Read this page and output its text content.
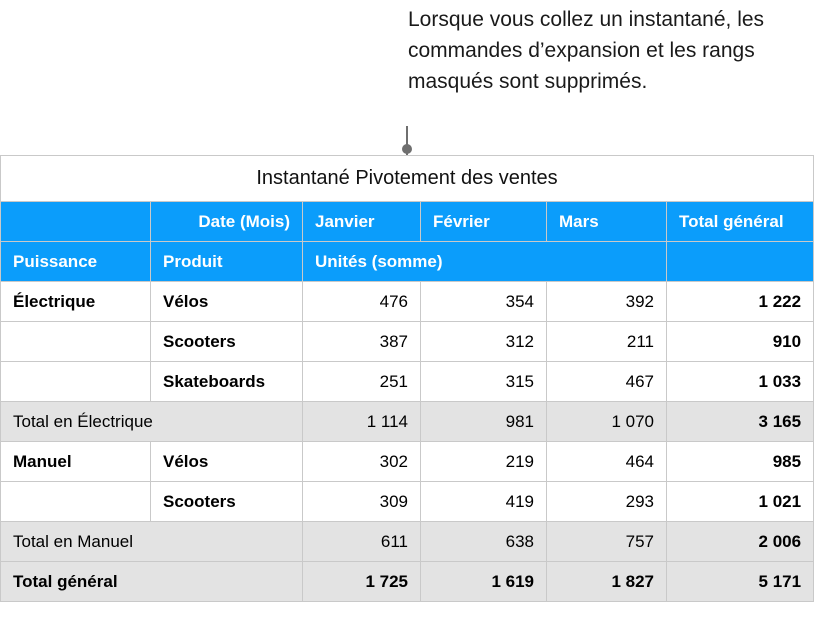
Lorsque vous collez un instantané, les commandes d’expansion et les rangs masqués sont supprimés.
Instantané Pivotement des ventes					
	Date (Mois)	Janvier	Février	Mars	Total général
Puissance	Produit	Unités (somme)			
Électrique	Vélos	476	354	392	1 222
	Scooters	387	312	211	910
	Skateboards	251	315	467	1 033
Total en Électrique		1 114	981	1 070	3 165
Manuel	Vélos	302	219	464	985
	Scooters	309	419	293	1 021
Total en Manuel		611	638	757	2 006
Total général		1 725	1 619	1 827	5 171
